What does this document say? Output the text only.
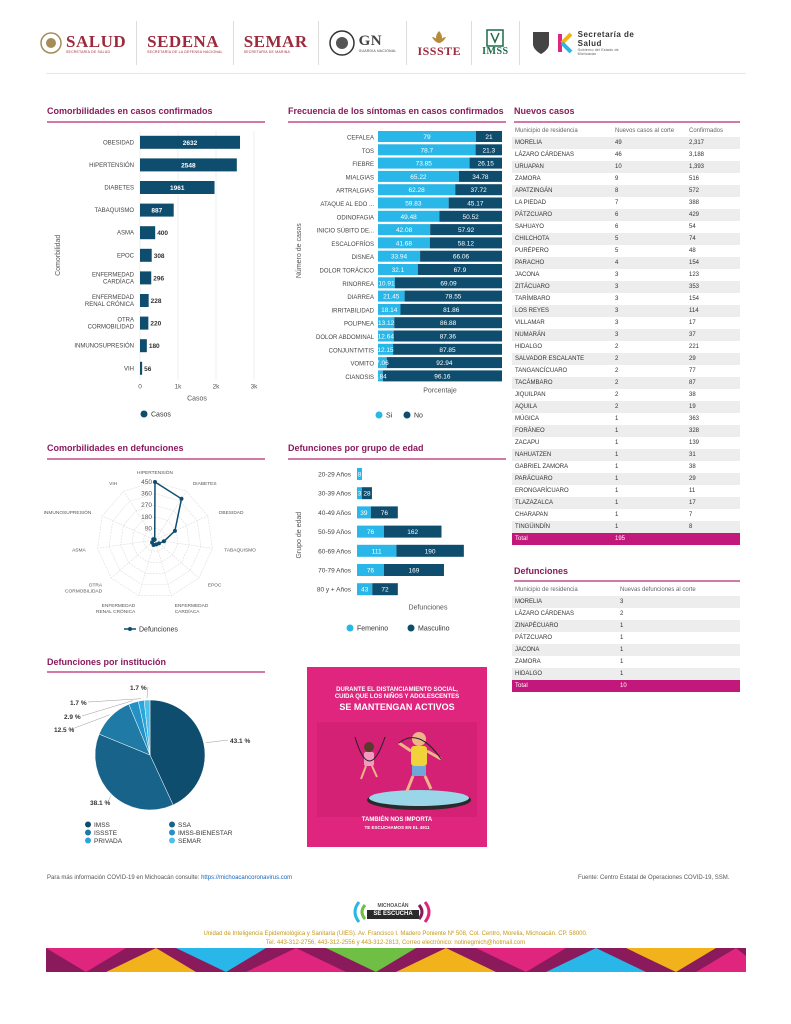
SALUD
SECRETARÍA DE SALUD
SEDENA
SECRETARÍA DE LA DEFENSA NACIONAL
SEMAR
SECRETARÍA DE MARINA
GN
GUARDIA NACIONAL ISSSTE IMSS
Secretaría de Salud
Gobierno del Estado de Michoacán
Comorbilidades en casos confirmados
0	1k	2k	3k
OBESIDAD	2632
HIPERTENSIÓN	2548
DIABETES	1961
TABAQUISMO	887
ASMA	400
EPOC	308
ENFERMEDAD
CARDÍACA	296
ENFERMEDAD
RENAL CRÓNICA	228
OTRA
CORMOBILIDAD	220
INMUNOSUPRESIÓN 180
VIH 56
Casos
Comorbilidad
Casos
Frecuencia de los síntomas en casos confirmados
CEFALEA	79	21
TOS	78.7	21.3
FIEBRE	73.85	26.15
MIALGIAS	65.22	34.78
ARTRALGIAS	62.28	37.72
ATAQUE AL EDO ...	59.83	45.17
ODINOFAGIA	49.48	50.52
INICIO SÚBITO DE...	42.08	57.92
ESCALOFRÍOS	41.68	58.12
DISNEA	33.94	66.06
DOLOR TORÁCICO	32.1	67.9
RINORREA 10.91	69.09
DIARREA 21.45	78.55
IRRITABILIDAD 18.14	81.86
POLIPNEA 13.12	86.88
DOLOR ABDOMINAL 12.64	87.36
CONJUNTIVITIS 12.15	87.85
VOMITO 7.06	92.94
CIANOSIS 3.84	96.16
Porcentaje
Número de casos
Si	No
Nuevos casos
Municipio de residencia	Nuevos casos al corte	Confirmados
MORELIA	49	2,317
LÁZARO CÁRDENAS	46	3,188
URUAPAN	10	1,393
ZAMORA	9	516
APATZINGÁN	8	572
LA PIEDAD	7	388
PÁTZCUARO	6	429
SAHUAYO	6	54
CHILCHOTA	5	74
PURÉPERO	5	48
PARACHO	4	154
JACONA	3	123
ZITÁCUARO	3	353
TARÍMBARO	3	154
LOS REYES	3	114
VILLAMAR	3	17
NUMARÁN	3	37
HIDALGO	2	221
SALVADOR ESCALANTE	2	29
TANGANCÍCUARO	2	77
TACÁMBARO	2	87
JIQUILPAN	2	38
AQUILA	2	19
MÚGICA	1	363
FORÁNEO	1	328
ZACAPU	1	139
NAHUATZEN	1	31
GABRIEL ZAMORA	1	38
PARÁCUARO	1	29
ERONGARÍCUARO	1	11
TLAZAZALCA	1	17
CHARAPAN	1	7
TINGÜINDÍN	1	8
Total	195	
Comorbilidades en defunciones
90
180
270
360
450
HIPERTENSIÓN
DIABETES
OBESIDAD
TABAQUISMO
EPOC
ENFERMEDAD
CARDÍACA
ENFERMEDAD
RENAL CRÓNICA
OTRA
CORMOBILIDAD
ASMA
INMUNOSUPRESIÓN
VIH
Defunciones
Defunciones por grupo de edad
20-29 Años 8
30-39 Años 3 28
40-49 Años 39 76
50-59 Años 76	162
60-69 Años	111	190
70-79 Años 76	169
80 y + Años 43 72
Defunciones
Grupo de edad
Femenino	Masculino
Defunciones
Municipio de residencia	Nuevas defunciones al corte
MORELIA	3
LÁZARO CÁRDENAS	2
ZINAPÉCUARO	1
PÁTZCUARO	1
JACONA	1
ZAMORA	1
HIDALGO	1
Total	10
Defunciones por institución
43.1 %
38.1 %
12.5 %
2.9 %
1.7 %
1.7 %
IMSS	SSA
ISSSTE	IMSS-BIENESTAR
PRIVADA	SEMAR
DURANTE EL DISTANCIAMIENTO SOCIAL,
CUIDA QUE LOS NIÑOS Y ADOLESCENTES
SE MANTENGAN ACTIVOS
TAMBIÉN NOS IMPORTA
TE ESCUCHAMOS EN EL 4911
Para más información COVID-19 en Michoacán consulte: https://michoacancoronavirus.com	Fuente: Centro Estatal de Operaciones COVID-19, SSM.
MICHOACÁN
SE ESCUCHA
Unidad de Inteligencia Epidemiológica y Sanitaria (UIES). Av. Francisco I. Madero Poniente Nº 508, Col. Centro, Morelia, Michoacán. CP. 58000.
Tel. 443-312-2756, 443-312-2556 y 443-312-2813, Correo electrónico: notinegmich@hotmail.com
